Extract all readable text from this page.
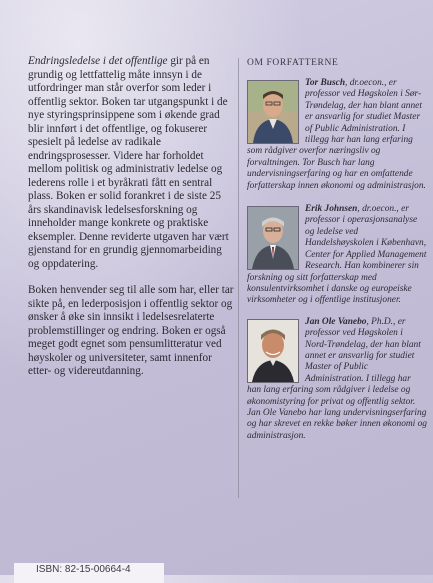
Endringsledelse i det offentlige gir på en grundig og lettfattelig måte innsyn i de utfordringer man står overfor som leder i offentlig sektor. Boken tar utgangspunkt i de nye styringsprinsippene som i økende grad blir innført i det offentlige, og fokuserer spesielt på ledelse av radikale endringsprosesser. Videre har forholdet mellom politisk og administrativ ledelse og lederens rolle i et byråkrati fått en sentral plass. Boken er solid forankret i de siste 25 års skandinavisk ledelsesforskning og inneholder mange konkrete og praktiske eksempler. Denne reviderte utgaven har vært gjenstand for en grundig gjennomarbeiding og oppdatering.

Boken henvender seg til alle som har, eller tar sikte på, en lederposisjon i offentlig sektor og ønsker å øke sin innsikt i ledelsesrelaterte problemstillinger og endring. Boken er også meget godt egnet som pensumlitteratur ved høyskoler og universiteter, samt innenfor etter- og videreutdanning.

OM FORFATTERNE

Tor Busch, dr.oecon., er professor ved Høgskolen i Sør-Trøndelag, der han blant annet er ansvarlig for studiet Master of Public Administration. I tillegg har han lang erfaring som rådgiver overfor næringsliv og forvaltningen. Tor Busch har lang undervisningserfaring og har en omfattende forfatterskap innen økonomi og administrasjon.

Erik Johnsen, dr.oecon., er professor i operasjonsanalyse og ledelse ved Handelshøyskolen i København, Center for Applied Management Research. Han kombinerer sin forskning og sitt forfatterskap med konsulentvirksomhet i danske og europeiske virksomheter og i offentlige institusjoner.

Jan Ole Vanebo, Ph.D., er professor ved Høgskolen i Nord-Trøndelag, der han blant annet er ansvarlig for studiet Master of Public Administration. I tillegg har han lang erfaring som rådgiver i ledelse og økonomistyring for privat og offentlig sektor. Jan Ole Vanebo har lang undervisningserfaring og har skrevet en rekke bøker innen økonomi og administrasjon.

ISBN: 82-15-00664-4
